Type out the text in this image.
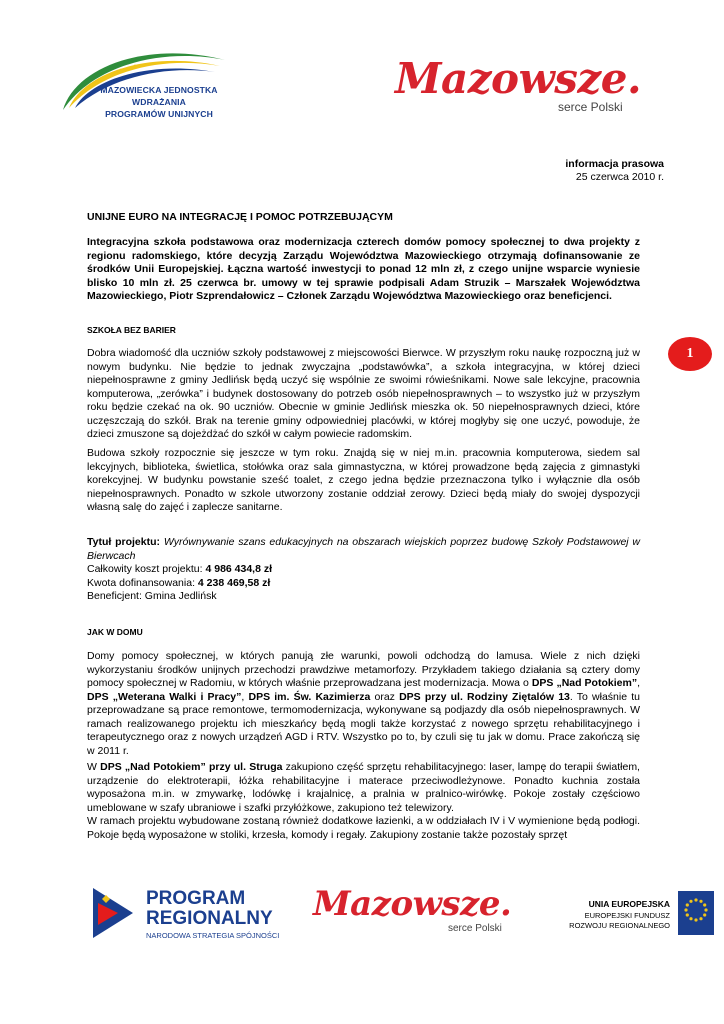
MAZOWIECKA JEDNOSTKA
WDRAŻANIA
PROGRAMÓW UNIJNYCH
Mazowsze.
serce Polski
informacja prasowa
25 czerwca 2010 r.
UNIJNE EURO NA INTEGRACJĘ I POMOC POTRZEBUJĄCYM
Integracyjna szkoła podstawowa oraz modernizacja czterech domów pomocy społecznej to dwa projekty z regionu radomskiego, które decyzją Zarządu Województwa Mazowieckiego otrzymają dofinansowanie ze środków Unii Europejskiej. Łączna wartość inwestycji to ponad 12 mln zł, z czego unijne wsparcie wyniesie blisko 10 mln zł. 25 czerwca br. umowy w tej sprawie podpisali Adam Struzik – Marszałek Województwa Mazowieckiego, Piotr Szprendałowicz – Członek Zarządu Województwa Mazowieckiego oraz beneficjenci.
SZKOŁA BEZ BARIER
Dobra wiadomość dla uczniów szkoły podstawowej z miejscowości Bierwce. W przyszłym roku naukę rozpoczną już w nowym budynku. Nie będzie to jednak zwyczajna „podstawówka”, a szkoła integracyjna, w której dzieci niepełnosprawne z gminy Jedlińsk będą uczyć się wspólnie ze swoimi rówieśnikami. Nowe sale lekcyjne, pracownia komputerowa, „zerówka” i budynek dostosowany do potrzeb osób niepełnosprawnych – to wszystko już w przyszłym roku będzie czekać na ok. 90 uczniów. Obecnie w gminie Jedlińsk mieszka ok. 50 niepełnosprawnych dzieci, które uczęszczają do szkół. Brak na terenie gminy odpowiedniej placówki, w której mogłyby się one uczyć, powoduje, że dzieci zmuszone są dojeżdżać do szkół w całym powiecie radomskim.
Budowa szkoły rozpocznie się jeszcze w tym roku. Znajdą się w niej m.in. pracownia komputerowa, siedem sal lekcyjnych, biblioteka, świetlica, stołówka oraz sala gimnastyczna, w której prowadzone będą zajęcia z gimnastyki korekcyjnej. W budynku powstanie sześć toalet, z czego jedna będzie przeznaczona tylko i wyłącznie dla osób niepełnosprawnych. Ponadto w szkole utworzony zostanie oddział zerowy. Dzieci będą miały do swojej dyspozycji własną salę do zajęć i zaplecze sanitarne.
1

Tytuł projektu: Wyrównywanie szans edukacyjnych na obszarach wiejskich poprzez budowę Szkoły Podstawowej w Bierwcach

Całkowity koszt projektu: 4 986 434,8 zł

Kwota dofinansowania: 4 238 469,58 zł

Beneficjent: Gmina Jedlińsk

JAK W DOMU
Domy pomocy społecznej, w których panują złe warunki, powoli odchodzą do lamusa. Wiele z nich dzięki wykorzystaniu środków unijnych przechodzi prawdziwe metamorfozy. Przykładem takiego działania są cztery domy pomocy społecznej w Radomiu, w których właśnie przeprowadzana jest modernizacja. Mowa o DPS „Nad Potokiem”, DPS „Weterana Walki i Pracy”, DPS im. Św. Kazimierza oraz DPS przy ul. Rodziny Ziętalów 13. To właśnie tu przeprowadzane są prace remontowe, termomodernizacja, wykonywane są podjazdy dla osób niepełnosprawnych. W ramach realizowanego projektu ich mieszkańcy będą mogli także korzystać z nowego sprzętu rehabilitacyjnego i terapeutycznego oraz z nowych urządzeń AGD i RTV. Wszystko po to, by czuli się tu jak w domu. Prace zakończą się w 2011 r.
W DPS „Nad Potokiem” przy ul. Struga zakupiono część sprzętu rehabilitacyjnego: laser, lampę do terapii światłem, urządzenie do elektroterapii, łóżka rehabilitacyjne i materace przeciwodleżynowe. Ponadto kuchnia została wyposażona m.in. w zmywarkę, lodówkę i krajalnicę, a pralnia w pralnico-wirówkę. Pokoje zostały częściowo umeblowane w szafy ubraniowe i szafki przyłóżkowe, zakupiono też telewizory.
W ramach projektu wybudowane zostaną również dodatkowe łazienki, a w oddziałach IV i V wymienione będą podłogi. Pokoje będą wyposażone w stoliki, krzesła, komody i regały. Zakupiony zostanie także pozostały sprzęt
PROGRAM
REGIONALNY
NARODOWA STRATEGIA SPÓJNOŚCI
Mazowsze.
serce Polski
UNIA EUROPEJSKA
EUROPEJSKI FUNDUSZ
ROZWOJU REGIONALNEGO
